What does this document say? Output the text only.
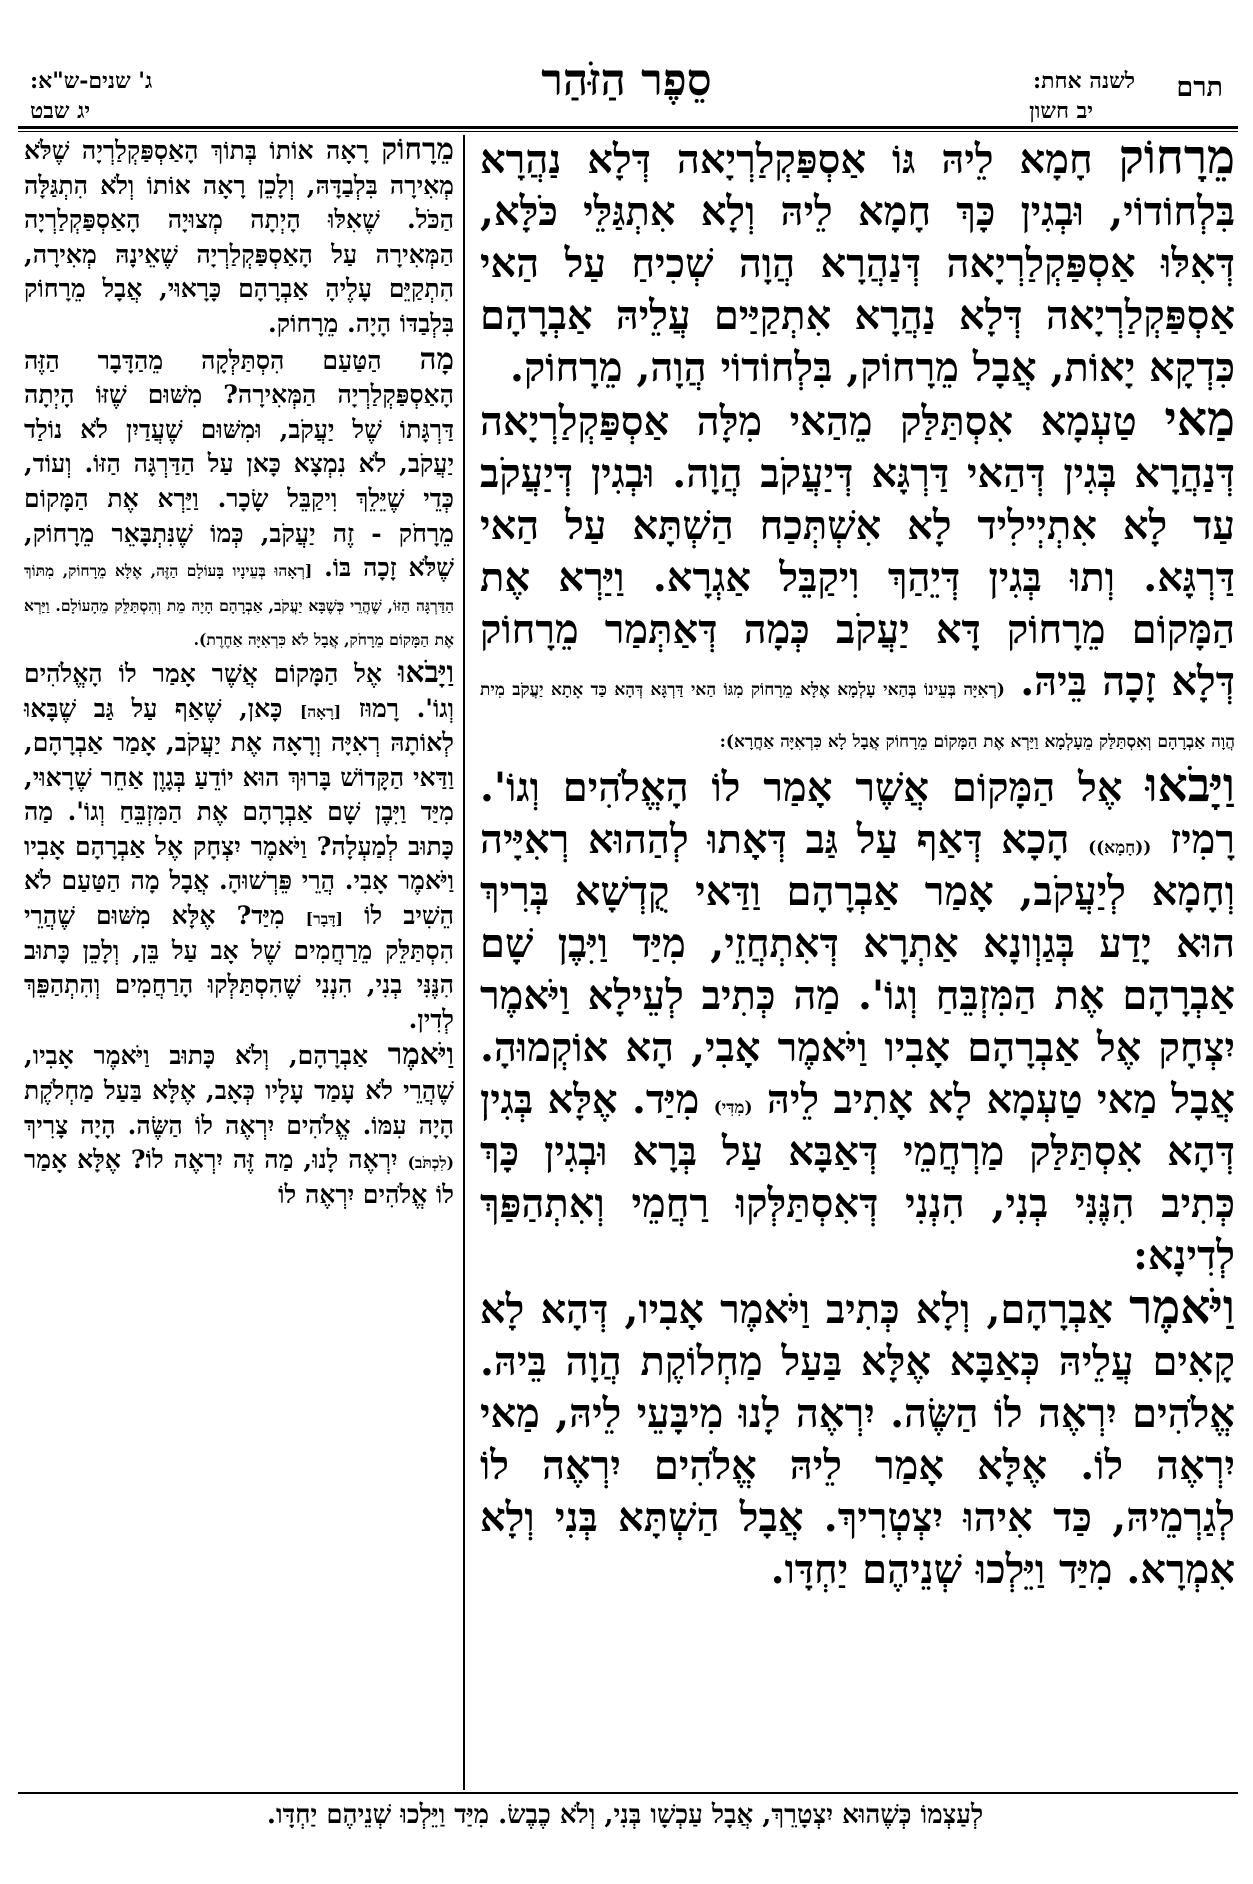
תרם
לשנה אחת:
יב חשון
סֵפֶר הַזֹּהַר
ג' שנים-ש"א:
יג שבט

מֵרָחוֹק חָמָא לֵיהּ גּוֹ אַסְפַּקְלַרְיָאה דְּלָא נַהֲרָא בִּלְחוֹדוֹי, וּבְגִין כָּךְ חָמָא לֵיהּ וְלָא אִתְגַּלֵּי כֹּלָּא, דְּאִלּוּ אַסְפַּקְלַרְיָאה דְּנַהֲרָא הֲוָה שְׁכִיחַ עַל הַאי אַסְפַּקְלַרְיָאה דְּלָא נַהֲרָא אִתְקַיַּים עֲלֵיהּ אַבְרָהָם כִּדְקָא יָאוֹת, אֲבָל מֵרָחוֹק, בִּלְחוֹדוֹי הֲוָה, מֵרָחוֹק.

מַאי טַעְמָא אִסְתַּלַּק מֵהַאי מִלָּה אַסְפַּקְלַרְיָאה דְּנַהֲרָא בְּגִין דְּהַאי דַּרְגָּא דְּיַעֲקֹב הֲוָה. וּבְגִין דְּיַעֲקֹב עַד לָא אִתְיְילִיד לָא אִשְׁתְּכַח הַשְׁתָּא עַל הַאי דַּרְגָּא. וְתוּ בְּגִין דְּיֵהַךְ וִיקַבֵּל אַגְרָא. וַיַּרְא אֶת הַמָּקוֹם מֵרָחוֹק דָּא יַעֲקֹב כְּמָה דְּאַתְּמַר מֵרָחוֹק דְּלָא זָכָה בֵּיהּ. (רְאִיָּה בְּעֵינוֹ בְּהַאי עָלְמָא אֶלָּא מֵרָחוֹק מִגּוֹ הַאי דַּרְגָּא דְּהָא כַּד אָתָא יַעֲקֹב מִית הֲוָה אַבְרָהָם וְאִסְתַּלַּק מֵעָלְמָא וַיַּרְא אֶת הַמָּקוֹם מֵרָחוֹק אֲבָל לָא כִּרְאִיָּה אַחֲרָא):

וַיָּבֹאוּ אֶל הַמָּקוֹם אֲשֶׁר אָמַר לוֹ הָאֱלֹהִים וְגוֹ'. רָמִיז ((חָמָא)) הָכָא דְּאַף עַל גַּב דְּאָתוּ לְהַהוּא רְאִיָּיה וְחָמָא לְיַעֲקֹב, אָמַר אַבְרָהָם וַדַּאי קֻדְשָׁא בְּרִיךְ הוּא יָדַע בְּגַוְונָא אַתְרָא דְּאִתְחֲזֵי, מִיַּד וַיִּבֶן שָׁם אַבְרָהָם אֶת הַמִּזְבֵּחַ וְגוֹ'. מַה כְּתִיב לְעֵילָא וַיֹּאמֶר יִצְחָק אֶל אַבְרָהָם אָבִיו וַיֹּאמֶר אָבִי, הָא אוֹקְמוּהָ. אֲבָל מַאי טַעְמָא לָא אָתִיב לֵיהּ (מִדִּי) מִיַּד. אֶלָּא בְּגִין דְּהָא אִסְתַּלַּק מַרְחֲמֵי דְּאַבָּא עַל בְּרָא וּבְגִין כָּךְ כְּתִיב הִנֶּנִּי בְנִי, הִנְנִי דְּאִסְתַּלְּקוּ רַחֲמֵי וְאִתְהַפַּךְ לְדִינָא:

וַיֹּאמֶר אַבְרָהָם, וְלָא כְּתִיב וַיֹּאמֶר אָבִיו, דְּהָא לָא קָאִים עֲלֵיהּ כְּאַבָּא אֶלָּא בַּעַל מַחְלוֹקֶת הֲוָה בֵּיהּ. אֱלֹהִים יִרְאֶה לוֹ הַשֶּׂה. יִרְאֶה לָנוּ מִיבָּעֵי לֵיהּ, מַאי יִרְאֶה לוֹ. אֶלָּא אָמַר לֵיהּ אֱלֹהִים יִרְאֶה לוֹ לְגַרְמֵיהּ, כַּד אִיהוּ יִצְטְרִיךְ. אֲבָל הַשְׁתָּא בְּנִי וְלָא אִמְרָא. מִיַּד וַיֵּלְכוּ שְׁנֵיהֶם יַחְדָּו.

מֵרָחוֹק רָאָה אוֹתוֹ בְּתוֹךְ הָאַסְפַּקְלַרְיָה שֶׁלֹּא מְאִירָה בִּלְבַדָּהּ, וְלָכֵן רָאָה אוֹתוֹ וְלֹא הִתְגַּלָּה הַכֹּל. שֶׁאִלּוּ הָיְתָה מְצוּיָה הָאַסְפַּקְלַרְיָה הַמְּאִירָה עַל הָאַסְפַּקְלַרְיָה שֶׁאֵינָהּ מְאִירָה, הִתְקַיֵּם עָלֶיהָ אַבְרָהָם כָּרָאוּי, אֲבָל מֵרָחוֹק בִּלְבַדּוֹ הָיָה. מֵרָחוֹק.

מָה הַטַּעַם הִסְתַּלְּקָה מֵהַדָּבָר הַזֶּה הָאַסְפַּקְלַרְיָה הַמְּאִירָה? מִשּׁוּם שֶׁזּוֹ הָיְתָה דַּרְגָּתוֹ שֶׁל יַעֲקֹב, וּמִשּׁוּם שֶׁעֲדַיִן לֹא נוֹלַד יַעֲקֹב, לֹא נִמְצָא כָּאן עַל הַדַּרְגָּה הַזּוֹ. וְעוֹד, כְּדֵי שֶׁיֵּלֵךְ וִיקַבֵּל שָׂכָר. וַיַּרְא אֶת הַמָּקוֹם מֵרָחֹק - זֶה יַעֲקֹב, כְּמוֹ שֶׁנִּתְבָּאֵר מֵרָחוֹק, שֶׁלֹּא זָכָה בּוֹ. [רְאָהוּ בְּעֵינָיו בָּעוֹלָם הַזֶּה, אֶלָּא מֵרָחוֹק, מִתּוֹךְ הַדַּרְגָּה הַזּוֹ, שֶׁהֲרֵי כְּשֶׁבָּא יַעֲקֹב, אַבְרָהָם הָיָה מֵת וְהִסְתַּלֵּק מֵהָעוֹלָם. וַיַּרְא אֶת הַמָּקוֹם מֵרָחֹק, אֲבָל לֹא כִּרְאִיָּה אַחֶרֶת).

וַיָּבֹאוּ אֶל הַמָּקוֹם אֲשֶׁר אָמַר לוֹ הָאֱלֹהִים וְגוֹ'. רָמוּז [רָאָה] כָּאן, שֶׁאַף עַל גַּב שֶׁבָּאוּ לְאוֹתָהּ רְאִיָּה וְרָאָה אֶת יַעֲקֹב, אָמַר אַבְרָהָם, וַדַּאי הַקָּדוֹשׁ בָּרוּךְ הוּא יוֹדֵעַ בְּגָוֶן אַחֵר שֶׁרָאוּי, מִיַּד וַיִּבֶן שָׁם אַבְרָהָם אֶת הַמִּזְבֵּחַ וְגוֹ'. מַה כָּתוּב לְמַעְלָה? וַיֹּאמֶר יִצְחָק אֶל אַבְרָהָם אָבִיו וַיֹּאמֶר אָבִי. הֲרֵי פֵּרְשׁוּהָ. אֲבָל מָה הַטַּעַם לֹא הֵשִׁיב לוֹ [דָּבָר] מִיַּד? אֶלָּא מִשּׁוּם שֶׁהֲרֵי הִסְתַּלֵּק מֵרַחֲמִים שֶׁל אָב עַל בֵּן, וְלָכֵן כָּתוּב הִנֶּנִּי בְנִי, הִנְנִי שֶׁהִסְתַּלְּקוּ הָרַחֲמִים וְהִתְהַפֵּךְ לְדִין.

וַיֹּאמֶר אַבְרָהָם, וְלֹא כָּתוּב וַיֹּאמֶר אָבִיו, שֶׁהֲרֵי לֹא עָמַד עָלָיו כְּאָב, אֶלָּא בַּעַל מַחְלֹקֶת הָיָה עִמּוֹ. אֱלֹהִים יִרְאֶה לוֹ הַשֶּׂה. הָיָה צָרִיךְ (לִכְתֹּב) יִרְאֶה לָנוּ, מַה זֶּה יִרְאֶה לוֹ? אֶלָּא אָמַר לוֹ אֱלֹהִים יִרְאֶה לוֹ

לְעַצְמוֹ כְּשֶׁהוּא יִצְטָרֵךְ, אֲבָל עַכְשָׁו בְּנִי, וְלֹא כֶבֶשׂ. מִיַּד וַיֵּלְכוּ שְׁנֵיהֶם יַחְדָּו.
